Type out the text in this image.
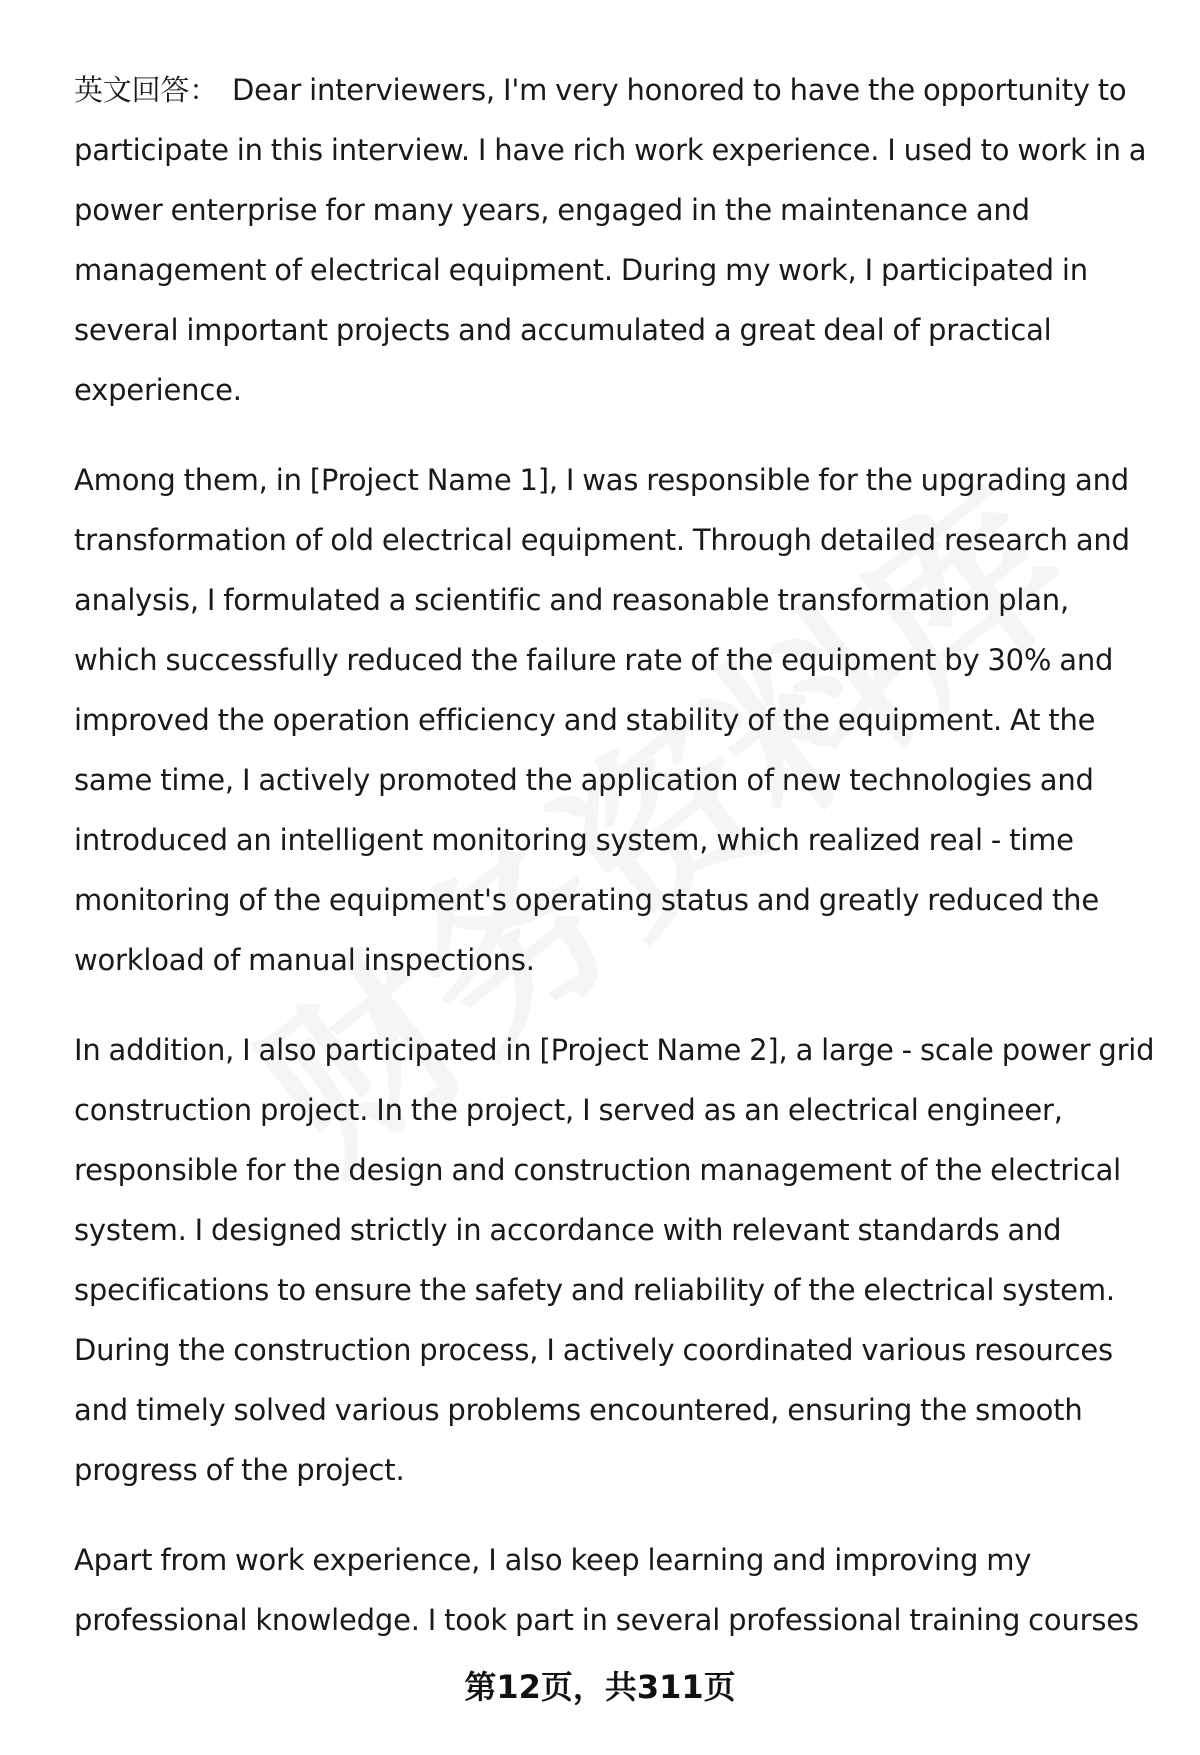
英文回答： Dear interviewers, I'm very honored to have the opportunity to participate in this interview. I have rich work experience. I used to work in a power enterprise for many years, engaged in the maintenance and management of electrical equipment. During my work, I participated in several important projects and accumulated a great deal of practical experience.

Among them, in [Project Name 1], I was responsible for the upgrading and transformation of old electrical equipment. Through detailed research and analysis, I formulated a scientific and reasonable transformation plan, which successfully reduced the failure rate of the equipment by 30% and improved the operation efficiency and stability of the equipment. At the same time, I actively promoted the application of new technologies and introduced an intelligent monitoring system, which realized real - time monitoring of the equipment's operating status and greatly reduced the workload of manual inspections.

In addition, I also participated in [Project Name 2], a large - scale power grid construction project. In the project, I served as an electrical engineer, responsible for the design and construction management of the electrical system. I designed strictly in accordance with relevant standards and specifications to ensure the safety and reliability of the electrical system. During the construction process, I actively coordinated various resources and timely solved various problems encountered, ensuring the smooth progress of the project.

Apart from work experience, I also keep learning and improving my professional knowledge. I took part in several professional training courses

第12页，共311页
